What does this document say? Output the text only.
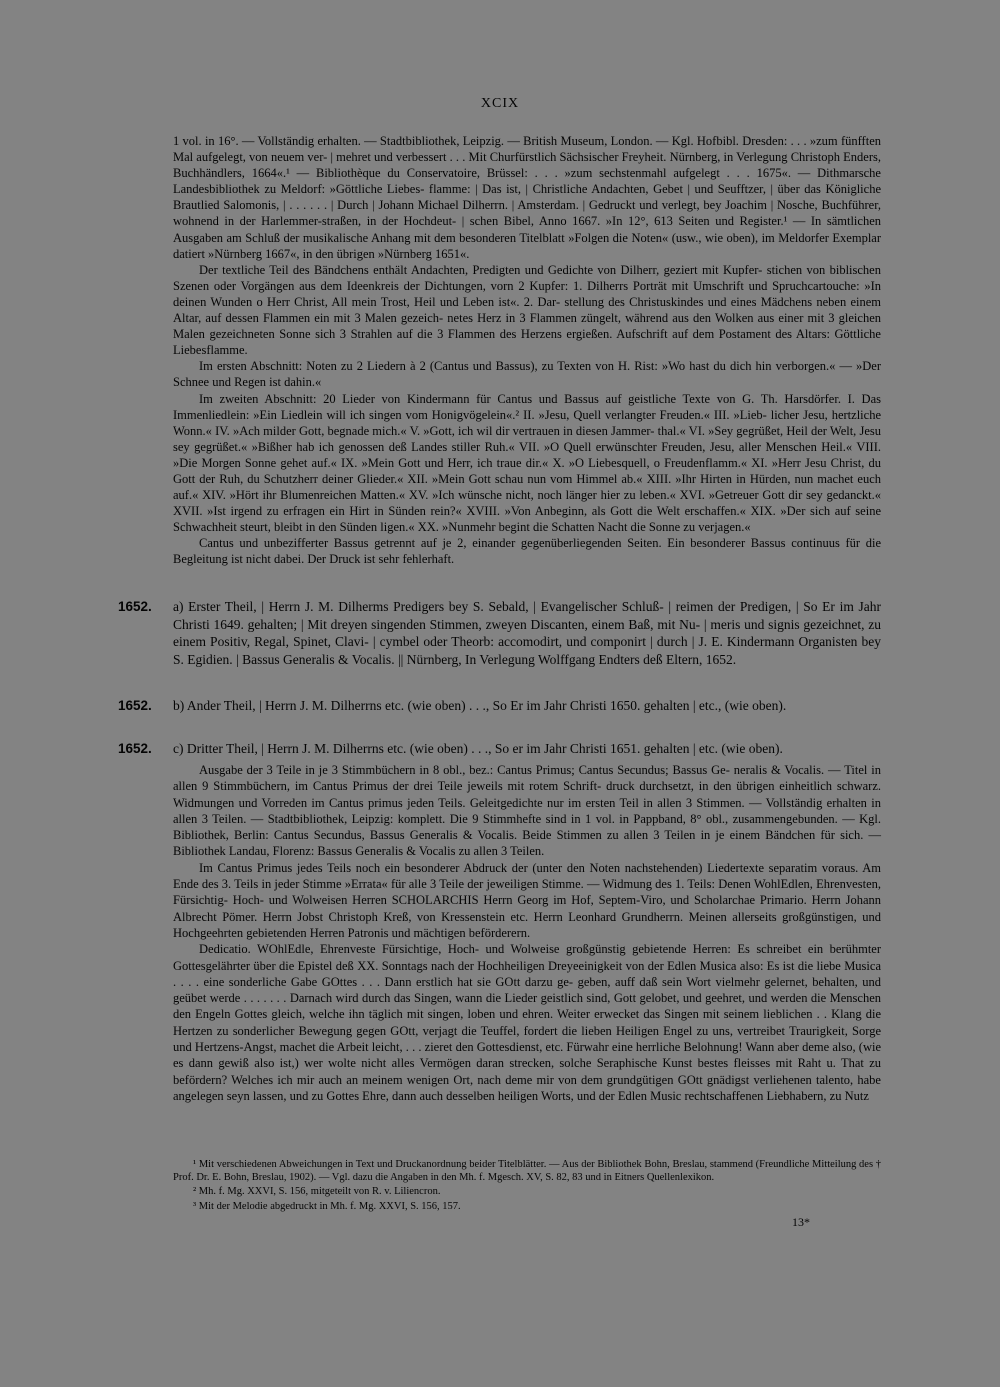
XCIX

1 vol. in 16°. — Vollständig erhalten. — Stadtbibliothek, Leipzig. — British Museum, London. — Kgl. Hofbibl. Dresden: . . . »zum fünfften Mal aufgelegt, von neuem ver- | mehret und verbessert . . . Mit Churfürstlich Sächsischer Freyheit. Nürnberg, in Verlegung Christoph Enders, Buchhändlers, 1664«.¹ — Bibliothèque du Conservatoire, Brüssel: . . . »zum sechstenmahl aufgelegt . . . 1675«. — Dithmarsche Landesbibliothek zu Meldorf: »Göttliche Liebes- flamme: | Das ist, | Christliche Andachten, Gebet | und Seufftzer, | über das Königliche Brautlied Salomonis, | . . . . . . | Durch | Johann Michael Dilherrn. | Amsterdam. | Gedruckt und verlegt, bey Joachim | Nosche, Buchführer, wohnend in der Harlemmer-straßen, in der Hochdeut- | schen Bibel, Anno 1667. »In 12°, 613 Seiten und Register.¹ — In sämtlichen Ausgaben am Schluß der musikalische Anhang mit dem besonderen Titelblatt »Folgen die Noten« (usw., wie oben), im Meldorfer Exemplar datiert »Nürnberg 1667«, in den übrigen »Nürnberg 1651«.

Der textliche Teil des Bändchens enthält Andachten, Predigten und Gedichte von Dilherr, geziert mit Kupfer- stichen von biblischen Szenen oder Vorgängen aus dem Ideenkreis der Dichtungen, vorn 2 Kupfer: 1. Dilherrs Porträt mit Umschrift und Spruchcartouche: »In deinen Wunden o Herr Christ, All mein Trost, Heil und Leben ist«. 2. Dar- stellung des Christuskindes und eines Mädchens neben einem Altar, auf dessen Flammen ein mit 3 Malen gezeich- netes Herz in 3 Flammen züngelt, während aus den Wolken aus einer mit 3 gleichen Malen gezeichneten Sonne sich 3 Strahlen auf die 3 Flammen des Herzens ergießen. Aufschrift auf dem Postament des Altars: Göttliche Liebesflamme.

Im ersten Abschnitt: Noten zu 2 Liedern à 2 (Cantus und Bassus), zu Texten von H. Rist: »Wo hast du dich hin verborgen.« — »Der Schnee und Regen ist dahin.«

Im zweiten Abschnitt: 20 Lieder von Kindermann für Cantus und Bassus auf geistliche Texte von G. Th. Harsdörfer. I. Das Immenliedlein: »Ein Liedlein will ich singen vom Honigvögelein«.² II. »Jesu, Quell verlangter Freuden.« III. »Lieb- licher Jesu, hertzliche Wonn.« IV. »Ach milder Gott, begnade mich.« V. »Gott, ich wil dir vertrauen in diesen Jammer- thal.« VI. »Sey gegrüßet, Heil der Welt, Jesu sey gegrüßet.« »Bißher hab ich genossen deß Landes stiller Ruh.« VII. »O Quell erwünschter Freuden, Jesu, aller Menschen Heil.« VIII. »Die Morgen Sonne gehet auf.« IX. »Mein Gott und Herr, ich traue dir.« X. »O Liebesquell, o Freudenflamm.« XI. »Herr Jesu Christ, du Gott der Ruh, du Schutzherr deiner Glieder.« XII. »Mein Gott schau nun vom Himmel ab.« XIII. »Ihr Hirten in Hürden, nun machet euch auf.« XIV. »Hört ihr Blumenreichen Matten.« XV. »Ich wünsche nicht, noch länger hier zu leben.« XVI. »Getreuer Gott dir sey gedanckt.« XVII. »Ist irgend zu erfragen ein Hirt in Sünden rein?« XVIII. »Von Anbeginn, als Gott die Welt erschaffen.« XIX. »Der sich auf seine Schwachheit steurt, bleibt in den Sünden ligen.« XX. »Nunmehr begint die Schatten Nacht die Sonne zu verjagen.«

Cantus und unbezifferter Bassus getrennt auf je 2, einander gegenüberliegenden Seiten. Ein besonderer Bassus continuus für die Begleitung ist nicht dabei. Der Druck ist sehr fehlerhaft.

1652. a) Erster Theil, | Herrn J. M. Dilherms Predigers bey S. Sebald, | Evangelischer Schluß- | reimen der Predigen, | So Er im Jahr Christi 1649. gehalten; | Mit dreyen singenden Stimmen, zweyen Discanten, einem Baß, mit Nu- | meris und signis gezeichnet, zu einem Positiv, Regal, Spinet, Clavi- | cymbel oder Theorb: accomodirt, und componirt | durch | J. E. Kindermann Organisten bey S. Egidien. | Bassus Generalis & Vocalis. || Nürnberg, In Verlegung Wolffgang Endters deß Eltern, 1652.
1652. b) Ander Theil, | Herrn J. M. Dilherrns etc. (wie oben) . . ., So Er im Jahr Christi 1650. gehalten | etc., (wie oben).
1652. c) Dritter Theil, | Herrn J. M. Dilherrns etc. (wie oben) . . ., So er im Jahr Christi 1651. gehalten | etc. (wie oben).

Ausgabe der 3 Teile in je 3 Stimmbüchern in 8 obl., bez.: Cantus Primus; Cantus Secundus; Bassus Ge- neralis & Vocalis. — Titel in allen 9 Stimmbüchern, im Cantus Primus der drei Teile jeweils mit rotem Schrift- druck durchsetzt, in den übrigen einheitlich schwarz. Widmungen und Vorreden im Cantus primus jeden Teils. Geleitgedichte nur im ersten Teil in allen 3 Stimmen. — Vollständig erhalten in allen 3 Teilen. — Stadtbibliothek, Leipzig: komplett. Die 9 Stimmhefte sind in 1 vol. in Pappband, 8° obl., zusammengebunden. — Kgl. Bibliothek, Berlin: Cantus Secundus, Bassus Generalis & Vocalis. Beide Stimmen zu allen 3 Teilen in je einem Bändchen für sich. — Bibliothek Landau, Florenz: Bassus Generalis & Vocalis zu allen 3 Teilen.

Im Cantus Primus jedes Teils noch ein besonderer Abdruck der (unter den Noten nachstehenden) Liedertexte separatim voraus. Am Ende des 3. Teils in jeder Stimme »Errata« für alle 3 Teile der jeweiligen Stimme. — Widmung des 1. Teils: Denen WohlEdlen, Ehrenvesten, Fürsichtig- Hoch- und Wolweisen Herren SCHOLARCHIS Herrn Georg im Hof, Septem-Viro, und Scholarchae Primario. Herrn Johann Albrecht Pömer. Herrn Jobst Christoph Kreß, von Kressenstein etc. Herrn Leonhard Grundherrn. Meinen allerseits großgünstigen, und Hochgeehrten gebietenden Herren Patronis und mächtigen beförderern.

Dedicatio. WOhlEdle, Ehrenveste Fürsichtige, Hoch- und Wolweise großgünstig gebietende Herren: Es schreibet ein berühmter Gottesgelährter über die Epistel deß XX. Sonntags nach der Hochheiligen Dreyeeinigkeit von der Edlen Musica also: Es ist die liebe Musica . . . . eine sonderliche Gabe GOttes . . . Dann erstlich hat sie GOtt darzu ge- geben, auff daß sein Wort vielmehr gelernet, behalten, und geübet werde . . . . . . . Darnach wird durch das Singen, wann die Lieder geistlich sind, Gott gelobet, und geehret, und werden die Menschen den Engeln Gottes gleich, welche ihn täglich mit singen, loben und ehren. Weiter erwecket das Singen mit seinem lieblichen . . Klang die Hertzen zu sonderlicher Bewegung gegen GOtt, verjagt die Teuffel, fordert die lieben Heiligen Engel zu uns, vertreibet Traurigkeit, Sorge und Hertzens-Angst, machet die Arbeit leicht, . . . zieret den Gottesdienst, etc. Fürwahr eine herrliche Belohnung! Wann aber deme also, (wie es dann gewiß also ist,) wer wolte nicht alles Vermögen daran strecken, solche Seraphische Kunst bestes fleisses mit Raht u. That zu befördern? Welches ich mir auch an meinem wenigen Ort, nach deme mir von dem grundgütigen GOtt gnädigst verliehenen talento, habe angelegen seyn lassen, und zu Gottes Ehre, dann auch desselben heiligen Worts, und der Edlen Music rechtschaffenen Liebhabern, zu Nutz

¹ Mit verschiedenen Abweichungen in Text und Druckanordnung beider Titelblätter. — Aus der Bibliothek Bohn, Breslau, stammend (Freundliche Mitteilung des † Prof. Dr. E. Bohn, Breslau, 1902). — Vgl. dazu die Angaben in den Mh. f. Mgesch. XV, S. 82, 83 und in Eitners Quellenlexikon.

² Mh. f. Mg. XXVI, S. 156, mitgeteilt von R. v. Liliencron.

³ Mit der Melodie abgedruckt in Mh. f. Mg. XXVI, S. 156, 157.

13*
